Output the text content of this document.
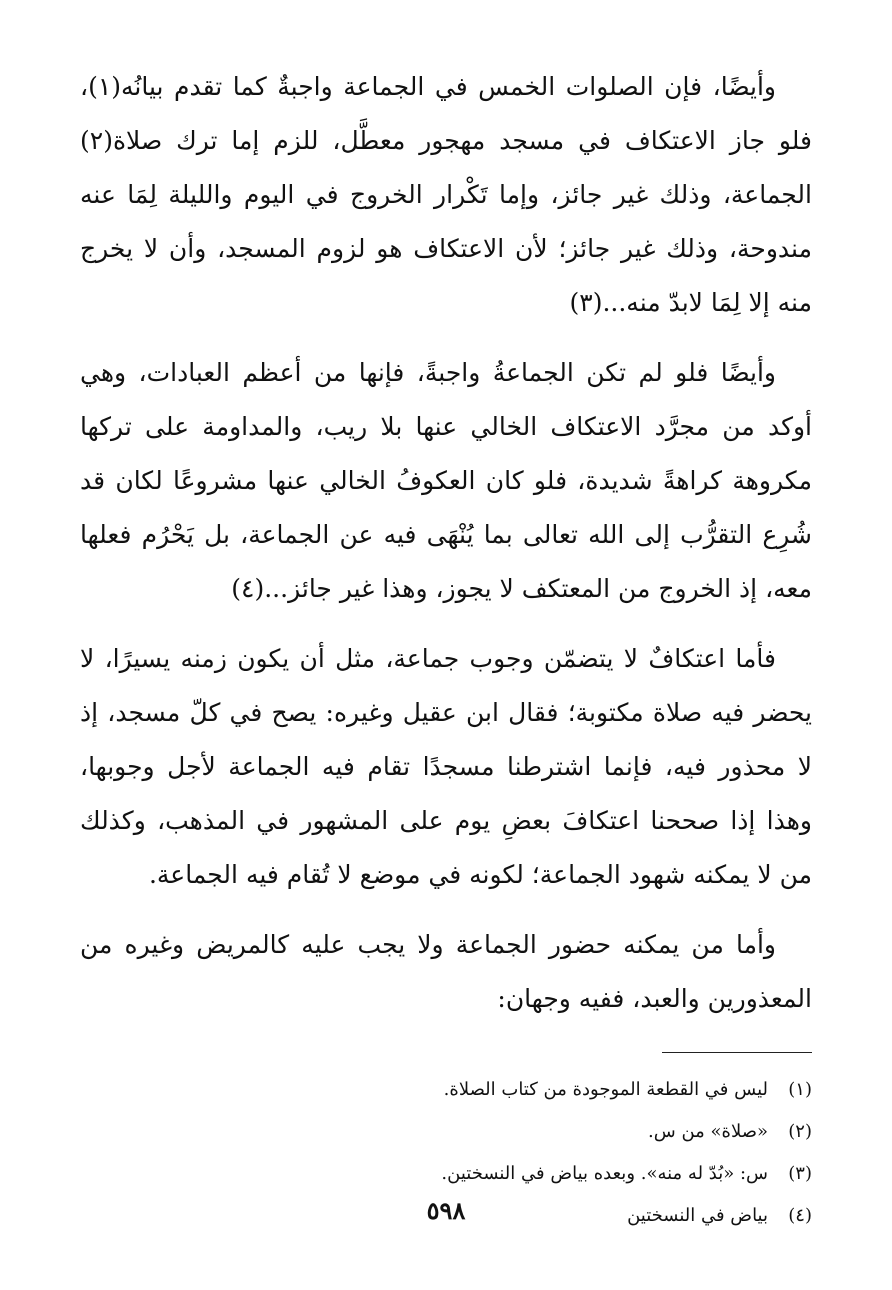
وأيضًا، فإن الصلوات الخمس في الجماعة واجبةٌ كما تقدم بيانُه(١)، فلو جاز الاعتكاف في مسجد مهجور معطَّل، للزم إما ترك صلاة(٢) الجماعة، وذلك غير جائز، وإما تَكْرار الخروج في اليوم والليلة لِمَا عنه مندوحة، وذلك غير جائز؛ لأن الاعتكاف هو لزوم المسجد، وأن لا يخرج منه إلا لِمَا لابدّ منه...(٣)

وأيضًا فلو لم تكن الجماعةُ واجبةً، فإنها من أعظم العبادات، وهي أوكد من مجرَّد الاعتكاف الخالي عنها بلا ريب، والمداومة على تركها مكروهة كراهةً شديدة، فلو كان العكوفُ الخالي عنها مشروعًا لكان قد شُرِع التقرُّب إلى الله تعالى بما يُنْهَى فيه عن الجماعة، بل يَحْرُم فعلها معه، إذ الخروج من المعتكف لا يجوز، وهذا غير جائز...(٤)

فأما اعتكافٌ لا يتضمّن وجوب جماعة، مثل أن يكون زمنه يسيرًا، لا يحضر فيه صلاة مكتوبة؛ فقال ابن عقيل وغيره: يصح في كلّ مسجد، إذ لا محذور فيه، فإنما اشترطنا مسجدًا تقام فيه الجماعة لأجل وجوبها، وهذا إذا صححنا اعتكافَ بعضِ يوم على المشهور في المذهب، وكذلك من لا يمكنه شهود الجماعة؛ لكونه في موضع لا تُقام فيه الجماعة.

وأما من يمكنه حضور الجماعة ولا يجب عليه كالمريض وغيره من المعذورين والعبد، ففيه وجهان:

(١)
ليس في القطعة الموجودة من كتاب الصلاة.
(٢)
«صلاة» من س.
(٣)
س: «بُدّ له منه». وبعده بياض في النسختين.
(٤)
بياض في النسختين
٥٩٨
